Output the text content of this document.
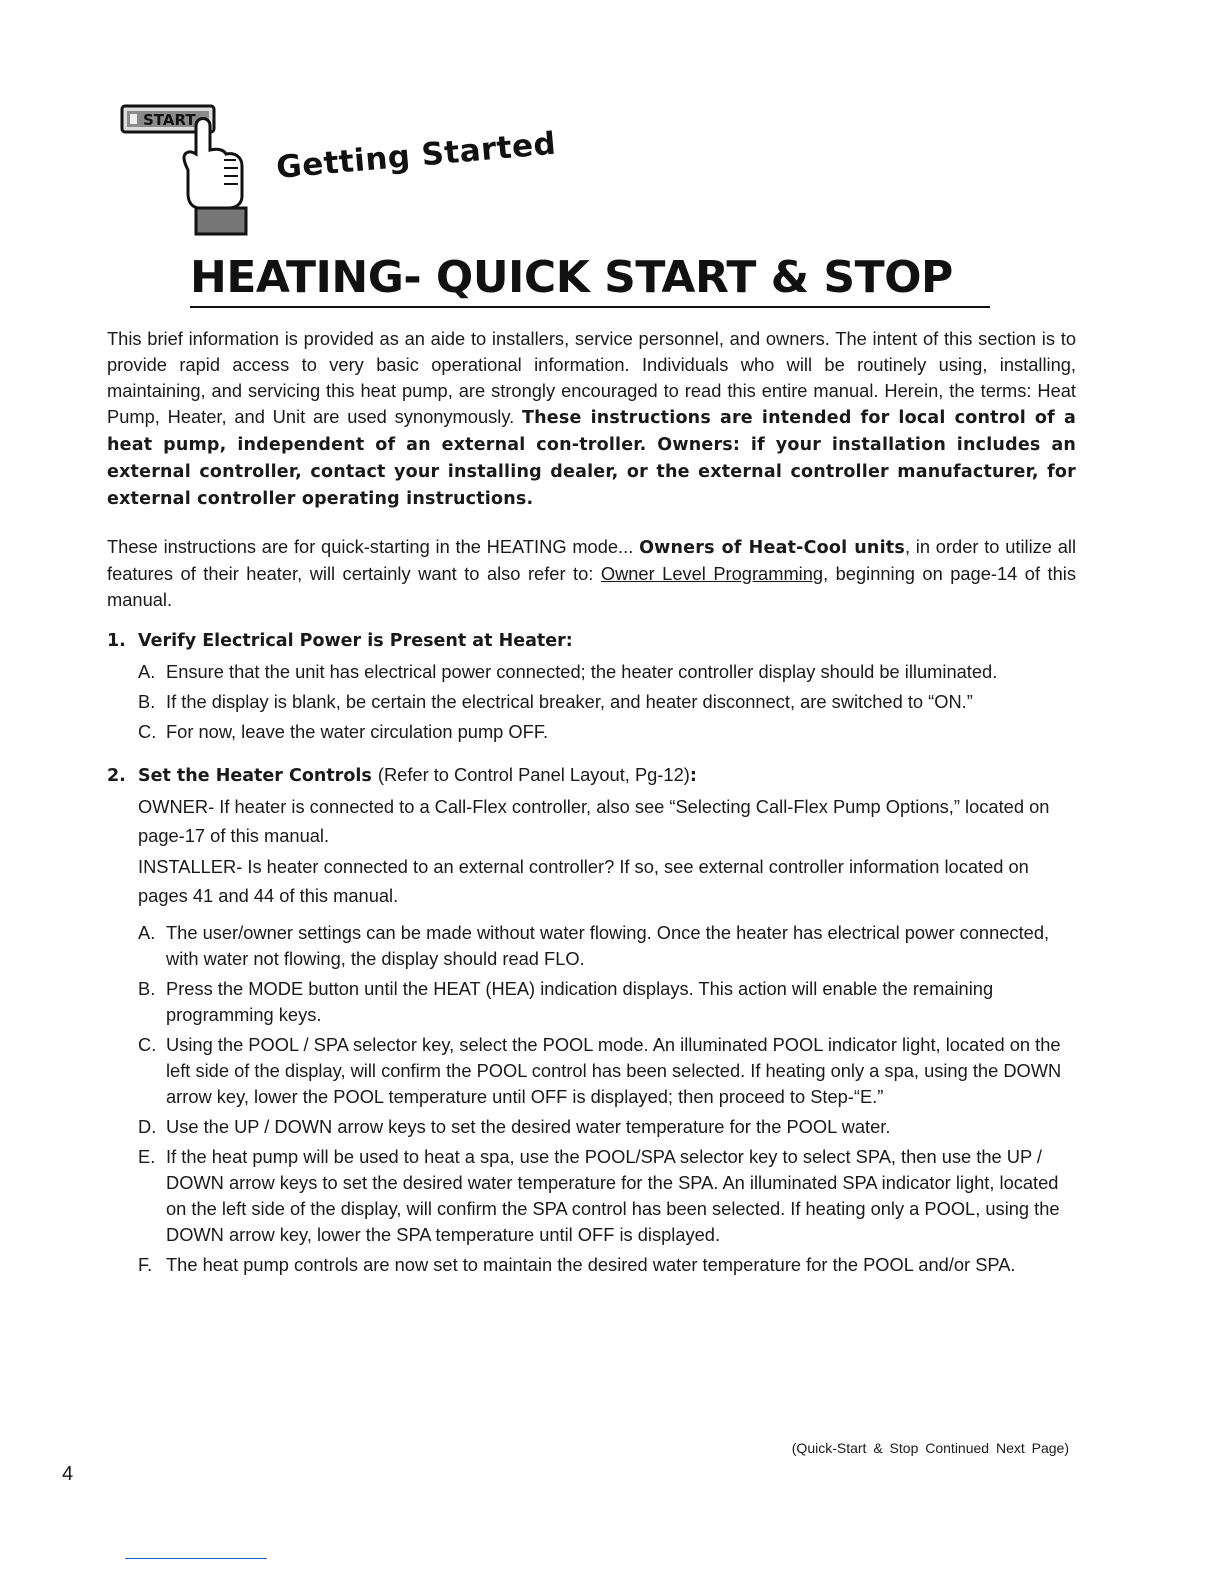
START
Getting Started
HEATING- QUICK START & STOP

This brief information is provided as an aide to installers, service personnel, and owners. The intent of this section is to provide rapid access to very basic operational information. Individuals who will be routinely using, installing, maintaining, and servicing this heat pump, are strongly encouraged to read this entire manual. Herein, the terms: Heat Pump, Heater, and Unit are used synonymously. These instructions are intended for local control of a heat pump, independent of an external con-troller. Owners: if your installation includes an external controller, contact your installing dealer, or the external controller manufacturer, for external controller operating instructions.

These instructions are for quick-starting in the HEATING mode... Owners of Heat-Cool units, in order to utilize all features of their heater, will certainly want to also refer to: Owner Level Programming, beginning on page-14 of this manual.

1. Verify Electrical Power is Present at Heater:
A. Ensure that the unit has electrical power connected; the heater controller display should be illuminated.
B. If the display is blank, be certain the electrical breaker, and heater disconnect, are switched to “ON.”
C. For now, leave the water circulation pump OFF.
2. Set the Heater Controls (Refer to Control Panel Layout, Pg-12):
OWNER- If heater is connected to a Call-Flex controller, also see “Selecting Call-Flex Pump Options,” located on page-17 of this manual.
INSTALLER- Is heater connected to an external controller? If so, see external controller information located on pages 41 and 44 of this manual.
A. The user/owner settings can be made without water flowing. Once the heater has electrical power connected, with water not flowing, the display should read FLO.
B. Press the MODE button until the HEAT (HEA) indication displays. This action will enable the remaining programming keys.
C. Using the POOL / SPA selector key, select the POOL mode. An illuminated POOL indicator light, located on the left side of the display, will confirm the POOL control has been selected. If heating only a spa, using the DOWN arrow key, lower the POOL temperature until OFF is displayed; then proceed to Step-“E.”
D. Use the UP / DOWN arrow keys to set the desired water temperature for the POOL water.
E. If the heat pump will be used to heat a spa, use the POOL/SPA selector key to select SPA, then use the UP / DOWN arrow keys to set the desired water temperature for the SPA. An illuminated SPA indicator light, located on the left side of the display, will confirm the SPA control has been selected. If heating only a POOL, using the DOWN arrow key, lower the SPA temperature until OFF is displayed.
F. The heat pump controls are now set to maintain the desired water temperature for the POOL and/or SPA.
(Quick-Start & Stop Continued Next Page)
4
